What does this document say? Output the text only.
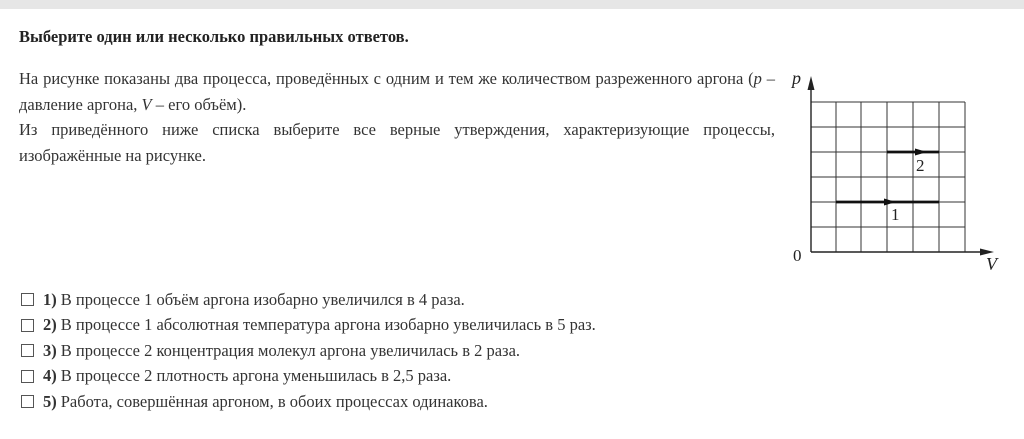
Выберите один или несколько правильных ответов.

На рисунке показаны два процесса, проведённых с одним и тем же количеством разреженного аргона (p – давление аргона, V – его объём).

Из приведённого ниже списка выберите все верные утверждения, характеризующие процессы, изображённые на рисунке.

p
V
0
1
2
1) В процессе 1 объём аргона изобарно увеличился в 4 раза.
2) В процессе 1 абсолютная температура аргона изобарно увеличилась в 5 раз.
3) В процессе 2 концентрация молекул аргона увеличилась в 2 раза.
4) В процессе 2 плотность аргона уменьшилась в 2,5 раза.
5) Работа, совершённая аргоном, в обоих процессах одинакова.
